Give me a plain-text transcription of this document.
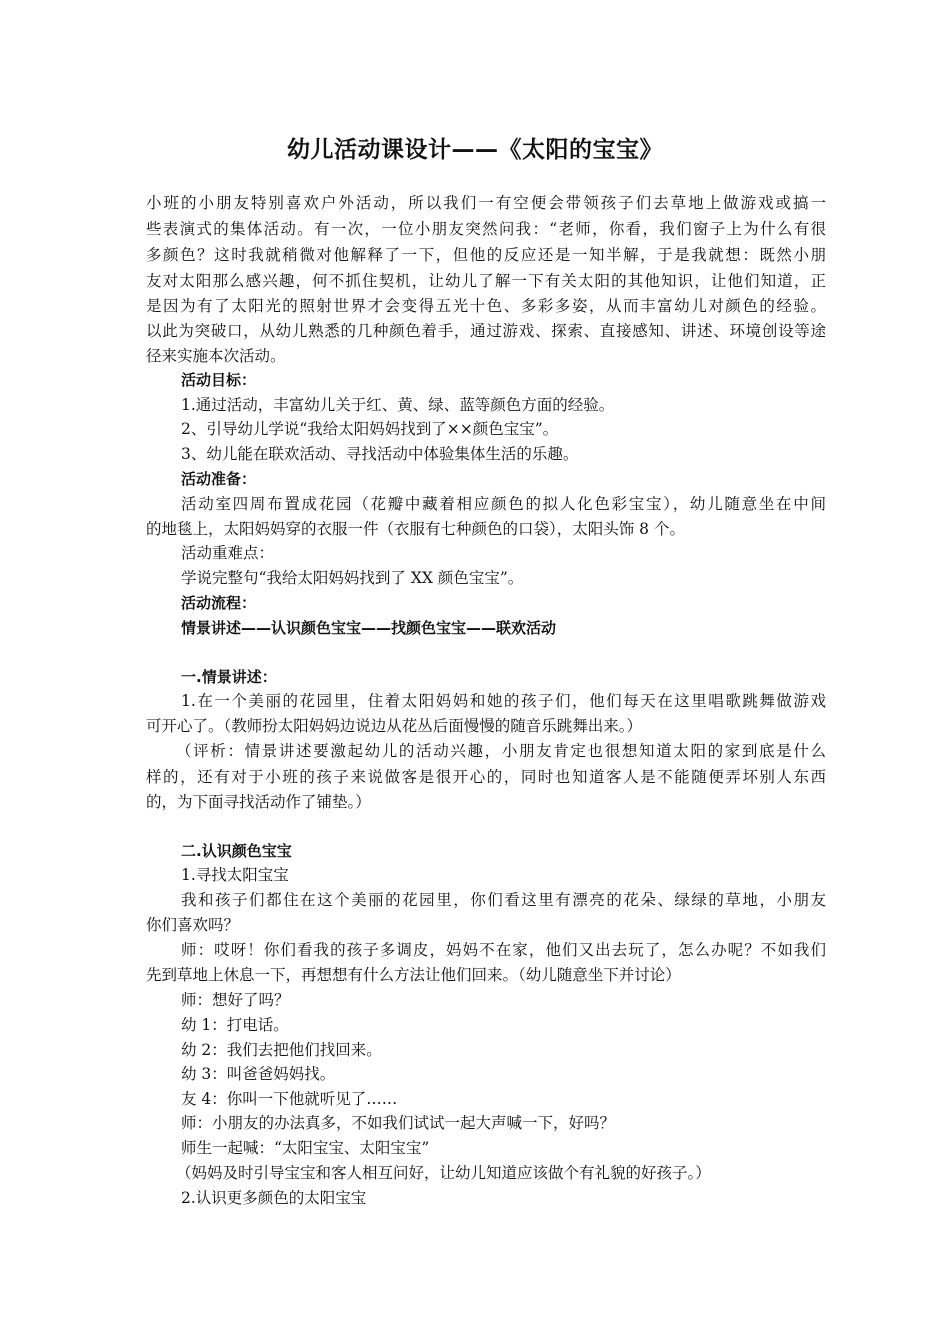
幼儿活动课设计——《太阳的宝宝》
小班的小朋友特别喜欢户外活动，所以我们一有空便会带领孩子们去草地上做游戏或搞一
些表演式的集体活动。有一次，一位小朋友突然问我：“老师，你看，我们窗子上为什么有很
多颜色？这时我就稍微对他解释了一下，但他的反应还是一知半解，于是我就想：既然小朋
友对太阳那么感兴趣，何不抓住契机，让幼儿了解一下有关太阳的其他知识，让他们知道，正
是因为有了太阳光的照射世界才会变得五光十色、多彩多姿，从而丰富幼儿对颜色的经验。
以此为突破口，从幼儿熟悉的几种颜色着手，通过游戏、探索、直接感知、讲述、环境创设等途
径来实施本次活动。
活动目标：
1.通过活动，丰富幼儿关于红、黄、绿、蓝等颜色方面的经验。
2、引导幼儿学说“我给太阳妈妈找到了××颜色宝宝”。
3、幼儿能在联欢活动、寻找活动中体验集体生活的乐趣。
活动准备：
活动室四周布置成花园（花瓣中藏着相应颜色的拟人化色彩宝宝），幼儿随意坐在中间
的地毯上，太阳妈妈穿的衣服一件（衣服有七种颜色的口袋），太阳头饰 8 个。
活动重难点：
学说完整句“我给太阳妈妈找到了 XX 颜色宝宝”。
活动流程：
情景讲述——认识颜色宝宝——找颜色宝宝——联欢活动
一.情景讲述：
1.在一个美丽的花园里，住着太阳妈妈和她的孩子们，他们每天在这里唱歌跳舞做游戏
可开心了。（教师扮太阳妈妈边说边从花丛后面慢慢的随音乐跳舞出来。）
（评析：情景讲述要激起幼儿的活动兴趣，小朋友肯定也很想知道太阳的家到底是什么
样的，还有对于小班的孩子来说做客是很开心的，同时也知道客人是不能随便弄坏别人东西
的，为下面寻找活动作了铺垫。）
二.认识颜色宝宝
1.寻找太阳宝宝
我和孩子们都住在这个美丽的花园里，你们看这里有漂亮的花朵、绿绿的草地，小朋友
你们喜欢吗？
师：哎呀！你们看我的孩子多调皮，妈妈不在家，他们又出去玩了，怎么办呢？不如我们
先到草地上休息一下，再想想有什么方法让他们回来。（幼儿随意坐下并讨论）
师：想好了吗？
幼 1：打电话。
幼 2：我们去把他们找回来。
幼 3：叫爸爸妈妈找。
友 4：你叫一下他就听见了……
师：小朋友的办法真多，不如我们试试一起大声喊一下，好吗？
师生一起喊：“太阳宝宝、太阳宝宝”
（妈妈及时引导宝宝和客人相互问好，让幼儿知道应该做个有礼貌的好孩子。）
2.认识更多颜色的太阳宝宝
